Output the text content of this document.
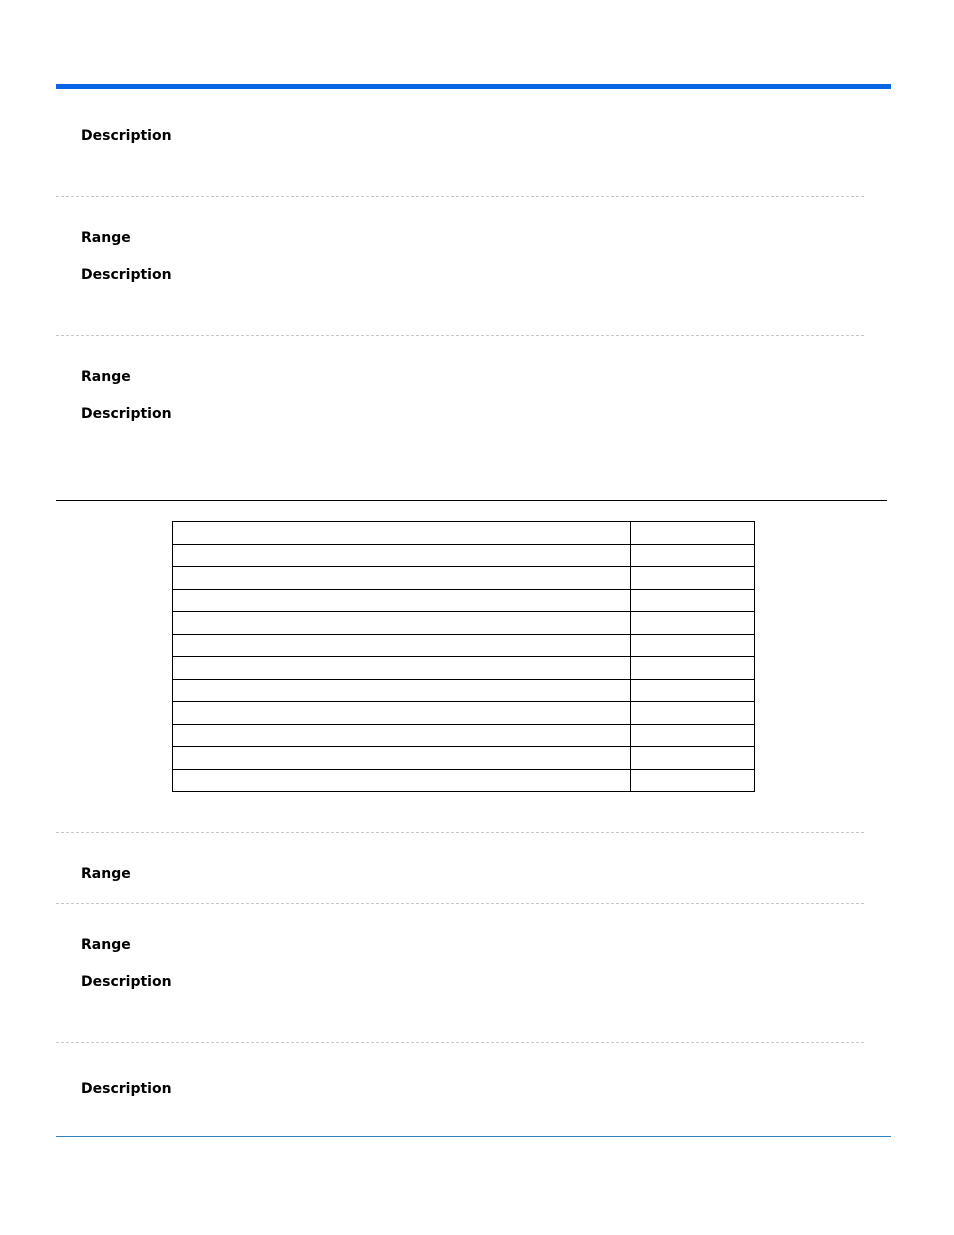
Description
Range
Description
Range
Description

Range
Range
Description
Description
